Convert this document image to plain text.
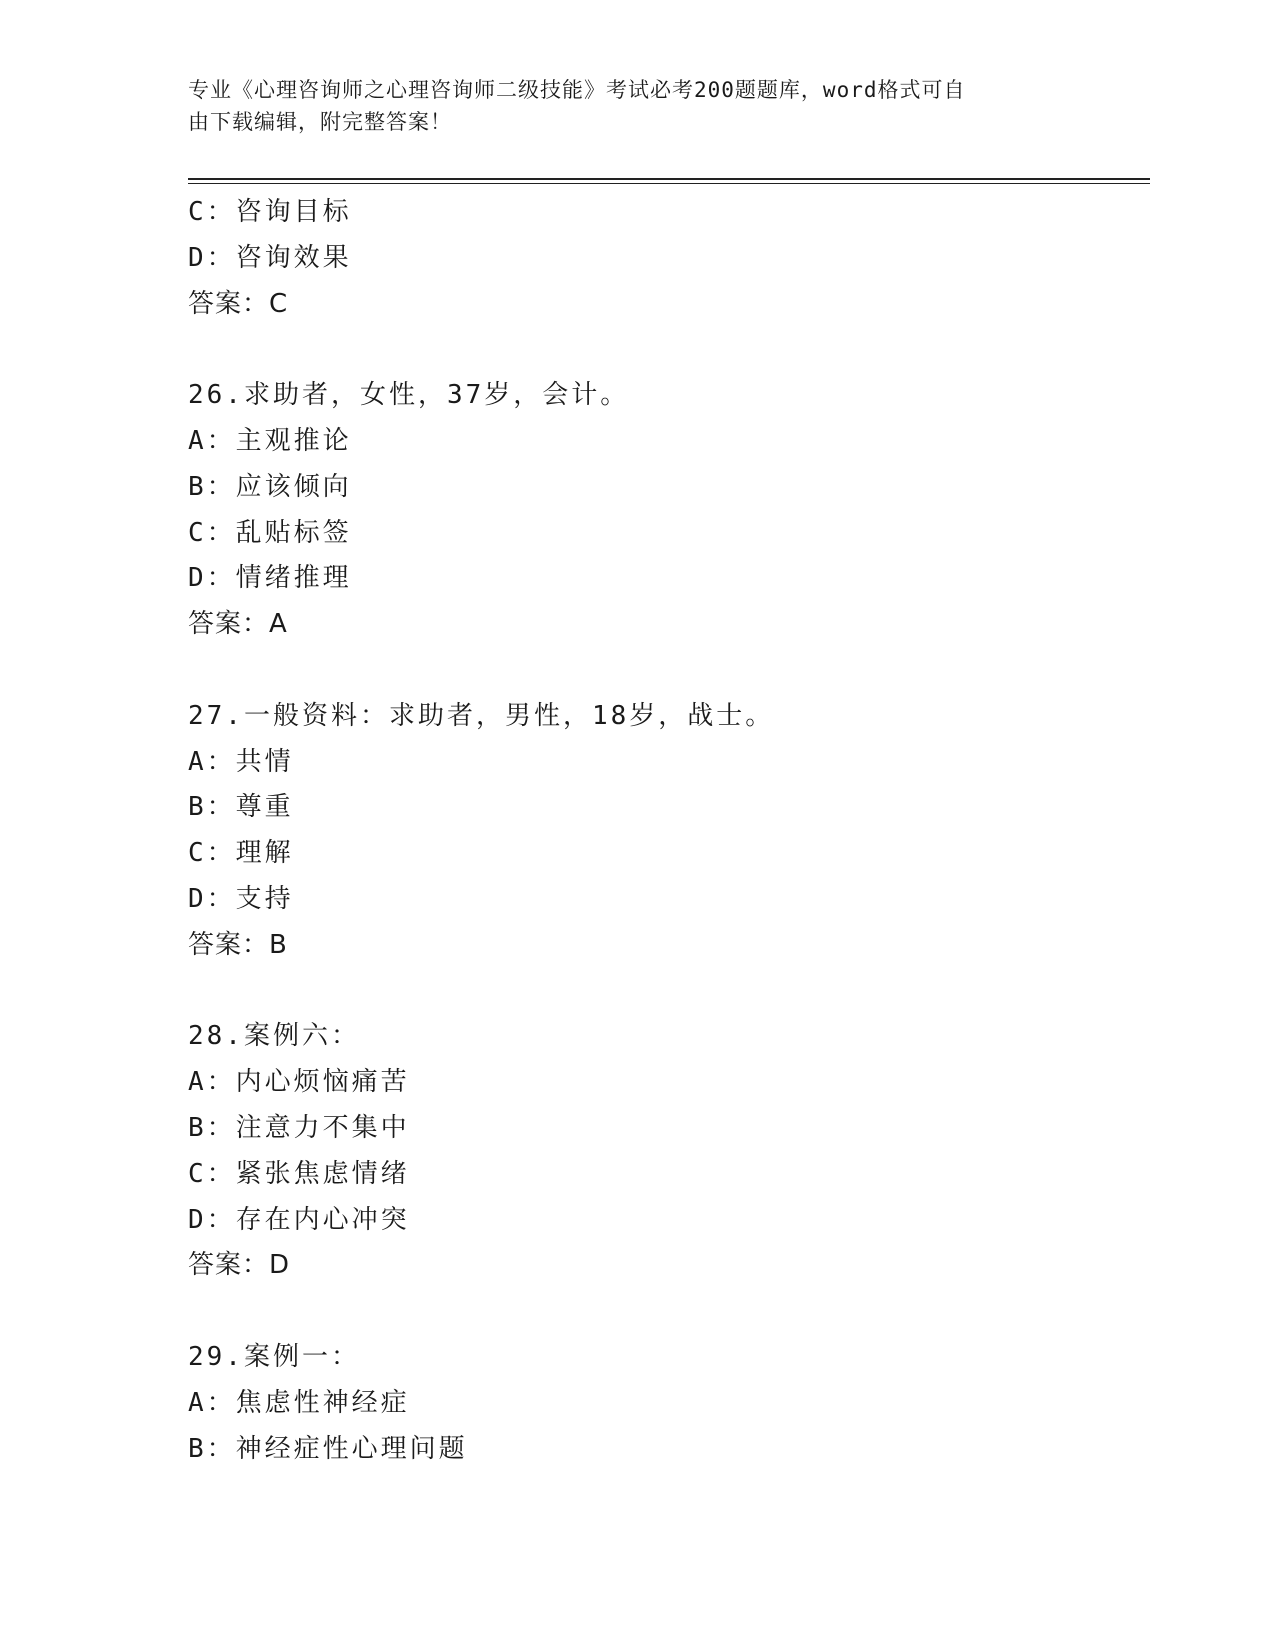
专业《心理咨询师之心理咨询师二级技能》考试必考200题题库，word格式可自
由下载编辑，附完整答案！
C：咨询目标
D：咨询效果
答案：C
26.求助者，女性，37岁，会计。
A：主观推论
B：应该倾向
C：乱贴标签
D：情绪推理
答案：A
27.一般资料：求助者，男性，18岁，战士。
A：共情
B：尊重
C：理解
D：支持
答案：B
28.案例六：
A：内心烦恼痛苦
B：注意力不集中
C：紧张焦虑情绪
D：存在内心冲突
答案：D
29.案例一：
A：焦虑性神经症
B：神经症性心理问题
